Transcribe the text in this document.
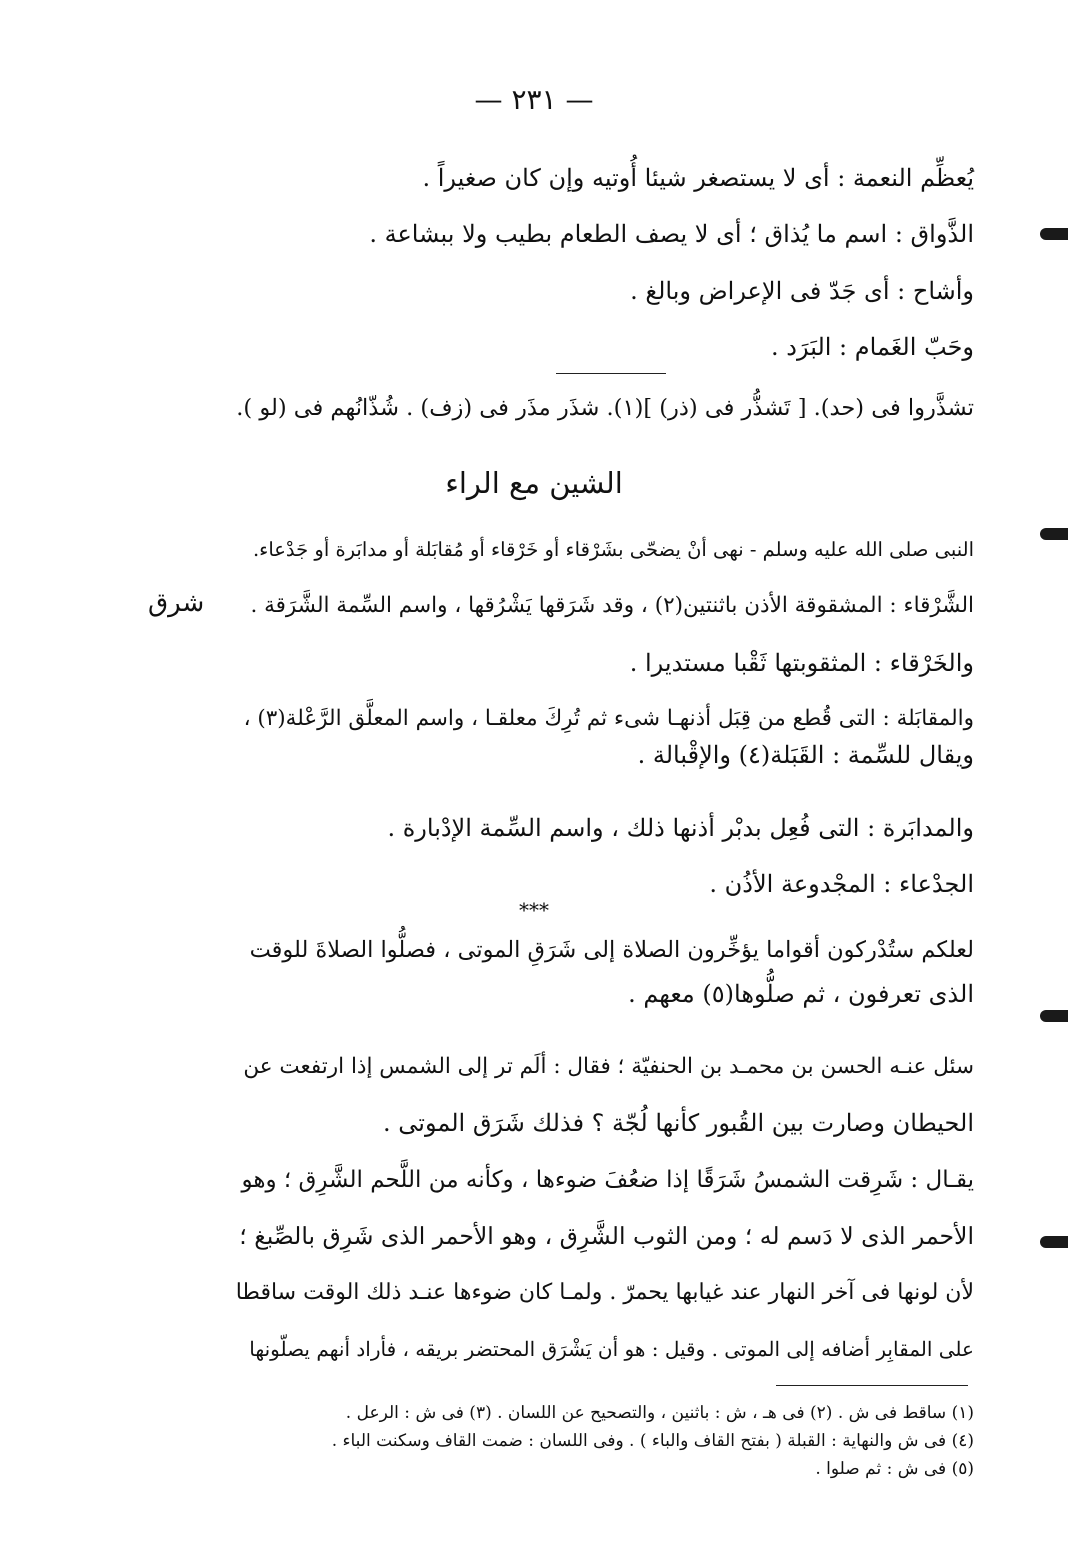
— ٢٣١ —
يُعظِّم النعمة : أى لا يستصغر شيئا أُوتيه وإن كان صغيراً .
الذَّواق : اسم ما يُذاق ؛ أى لا يصف الطعام بطيب ولا ببشاعة .
وأشاح : أى جَدّ فى الإعراض وبالغ .
وحَبّ الغَمام : البَرَد .
تشذَّروا فى (حد). [ تَشذُّر فى (ذر) ](١). شذَر مذَر فى (زف) . شُذّانُهم فى (لو ).
الشين مع الراء
شرق
النبى صلى الله عليه وسلم - نهى أنْ يضحّى بشَرْقاء أو خَرْقاء أو مُقابَلة أو مدابَرة أو جَدْعاء.
الشَّرْقاء : المشقوقة الأذن باثنتين(٢) ، وقد شَرَقها يَشْرُقها ، واسم السِّمة الشَّرَقة .
والخَرْقاء : المثقوبتها ثَقْبا مستديرا .
والمقابَلة : التى قُطع من قِبَل أذنهـا شىء ثم تُرِكَ معلقـا ، واسم المعلَّق الرَّعْلة(٣) ،
ويقال للسِّمة : القَبَلة(٤) والإقْبالة .
والمدابَرة : التى فُعِل بدبْر أذنها ذلك ، واسم السِّمة الإدْبارة .
الجدْعاء : المجْدوعة الأذُن .
***
لعلكم ستُدْركون أقواما يؤخِّرون الصلاة إلى شَرَقِ الموتى ، فصلُّوا الصلاةَ للوقت
الذى تعرفون ، ثم صلُّوها(٥) معهم .
سئل عنـه الحسن بن محمـد بن الحنفيّة ؛ فقال : ألَم تر إلى الشمس إذا ارتفعت عن
الحيطان وصارت بين القُبور كأنها لُجّة ؟ فذلك شَرَق الموتى .
يقـال : شَرِقت الشمسُ شَرَقًا إذا ضعُفَ ضوءها ، وكأنه من اللَّحم الشَّرِق ؛ وهو
الأحمر الذى لا دَسم له ؛ ومن الثوب الشَّرِق ، وهو الأحمر الذى شَرِق بالصِّبغ ؛
لأن لونها فى آخر النهار عند غيابها يحمرّ . ولمـا كان ضوءها عنـد ذلك الوقت ساقطا
على المقابِر أضافه إلى الموتى . وقيل : هو أن يَشْرَق المحتضر بريقه ، فأراد أنهم يصلّونها
(١) ساقط فى ش . (٢) فى هـ ، ش : باثنين ، والتصحيح عن اللسان . (٣) فى ش : الرعل .
(٤) فى ش والنهاية : القبلة ( بفتح القاف والباء ) . وفى اللسان : ضمت القاف وسكنت الباء .
(٥) فى ش : ثم صلوا .
